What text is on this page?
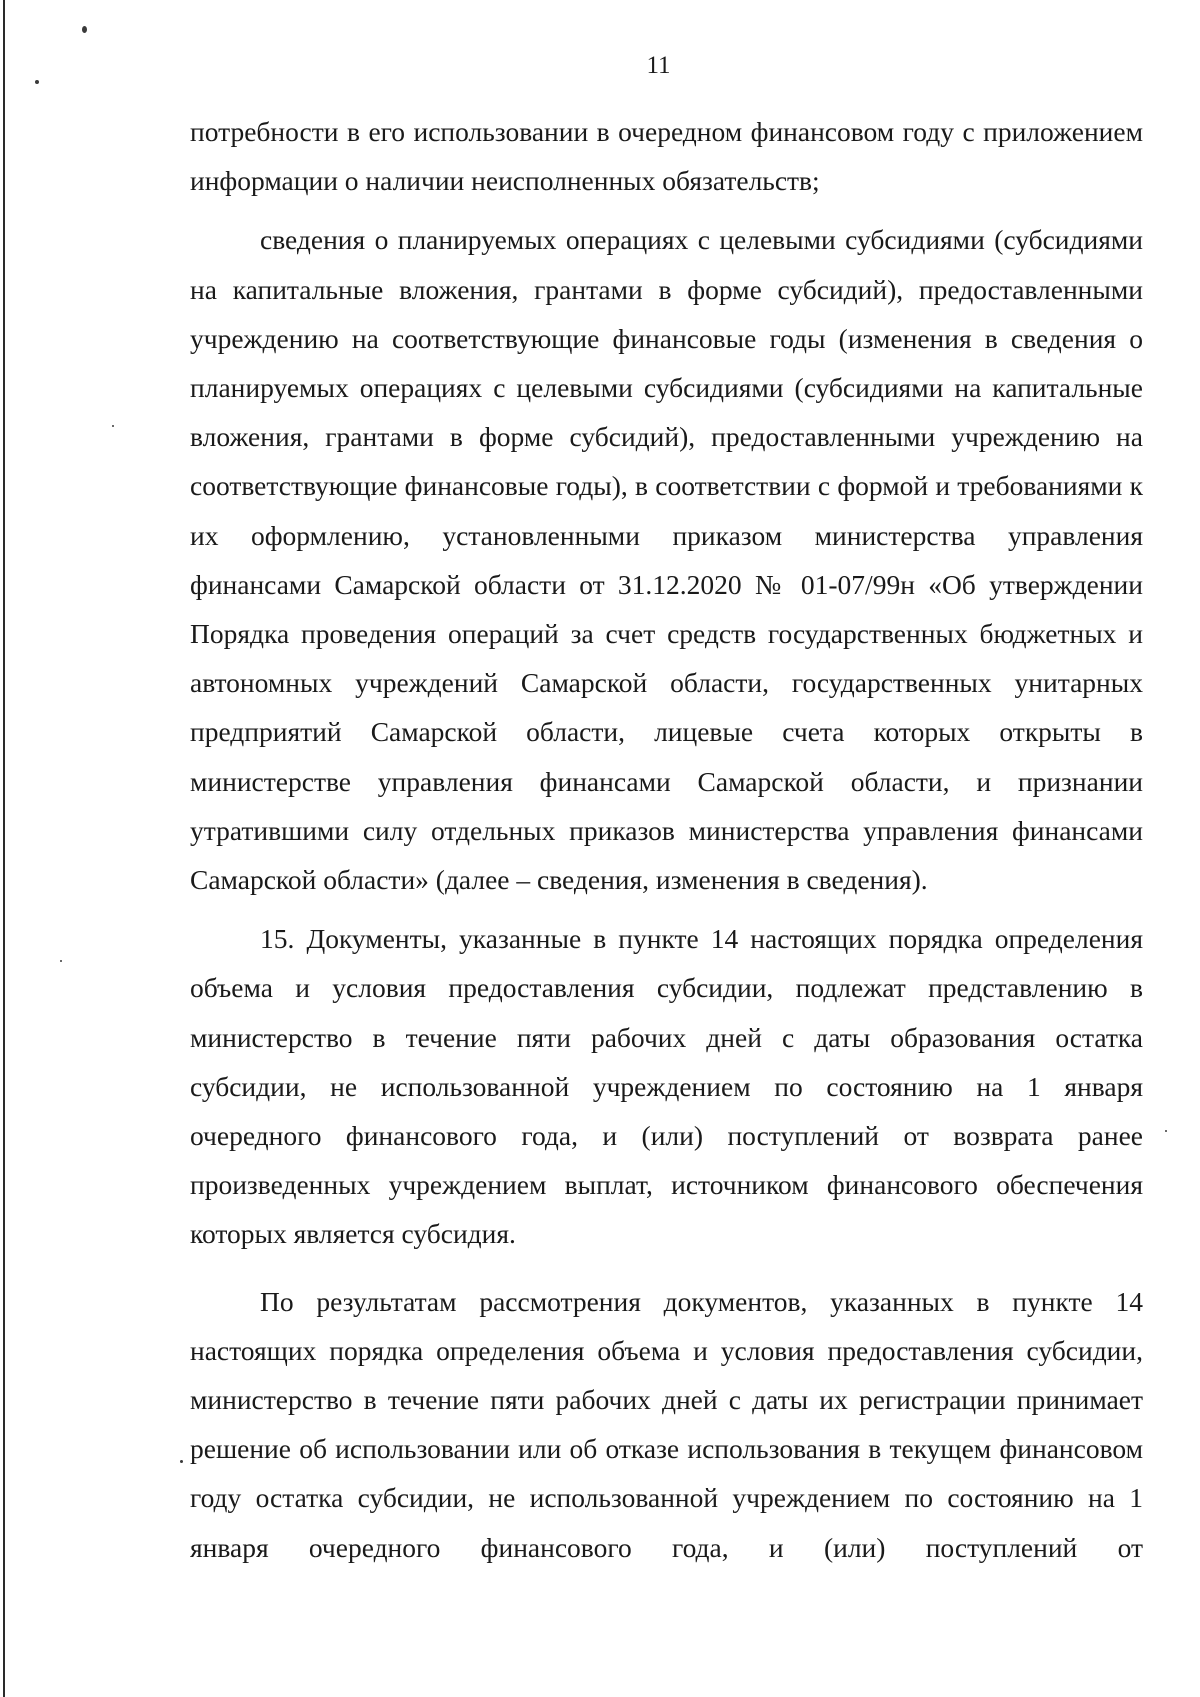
11

потребности в его использовании в очередном финансовом году с приложением информации о наличии неисполненных обязательств;

сведения о планируемых операциях с целевыми субсидиями (субсидиями на капитальные вложения, грантами в форме субсидий), предоставленными учреждению на соответствующие финансовые годы (изменения в сведения о планируемых операциях с целевыми субсидиями (субсидиями на капитальные вложения, грантами в форме субсидий), предоставленными учреждению на соответствующие финансовые годы), в соответствии с формой и требованиями к их оформлению, установленными приказом министерства управления финансами Самарской области от 31.12.2020 № 01-07/99н «Об утверждении Порядка проведения операций за счет средств государственных бюджетных и автономных учреждений Самарской области, государственных унитарных предприятий Самарской области, лицевые счета которых открыты в министерстве управления финансами Самарской области, и признании утратившими силу отдельных приказов министерства управления финансами Самарской области» (далее – сведения, изменения в сведения).

15. Документы, указанные в пункте 14 настоящих порядка определения объема и условия предоставления субсидии, подлежат представлению в министерство в течение пяти рабочих дней с даты образования остатка субсидии, не использованной учреждением по состоянию на 1 января очередного финансового года, и (или) поступлений от возврата ранее произведенных учреждением выплат, источником финансового обеспечения которых является субсидия.

По результатам рассмотрения документов, указанных в пункте 14 настоящих порядка определения объема и условия предоставления субсидии, министерство в течение пяти рабочих дней с даты их регистрации принимает решение об использовании или об отказе использования в текущем финансовом году остатка субсидии, не использованной учреждением по состоянию на 1 января очередного финансового года, и (или) поступлений от
